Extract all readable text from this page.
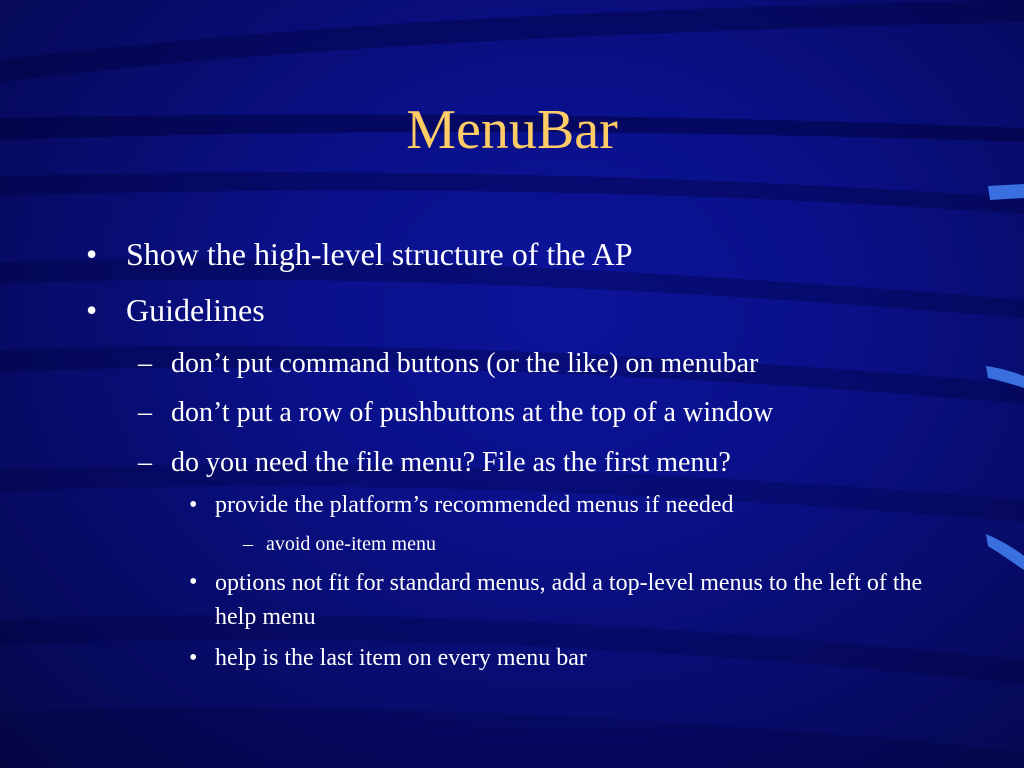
MenuBar
• Show the high-level structure of the AP
• Guidelines
– don’t put command buttons (or the like) on menubar
– don’t put a row of pushbuttons at the top of a window
– do you need the file menu? File as the first menu?
• provide the platform’s recommended menus if needed
– avoid one-item menu
• options not fit for standard menus, add a top-level menus to the left of the help menu
• help is the last item on every menu bar
